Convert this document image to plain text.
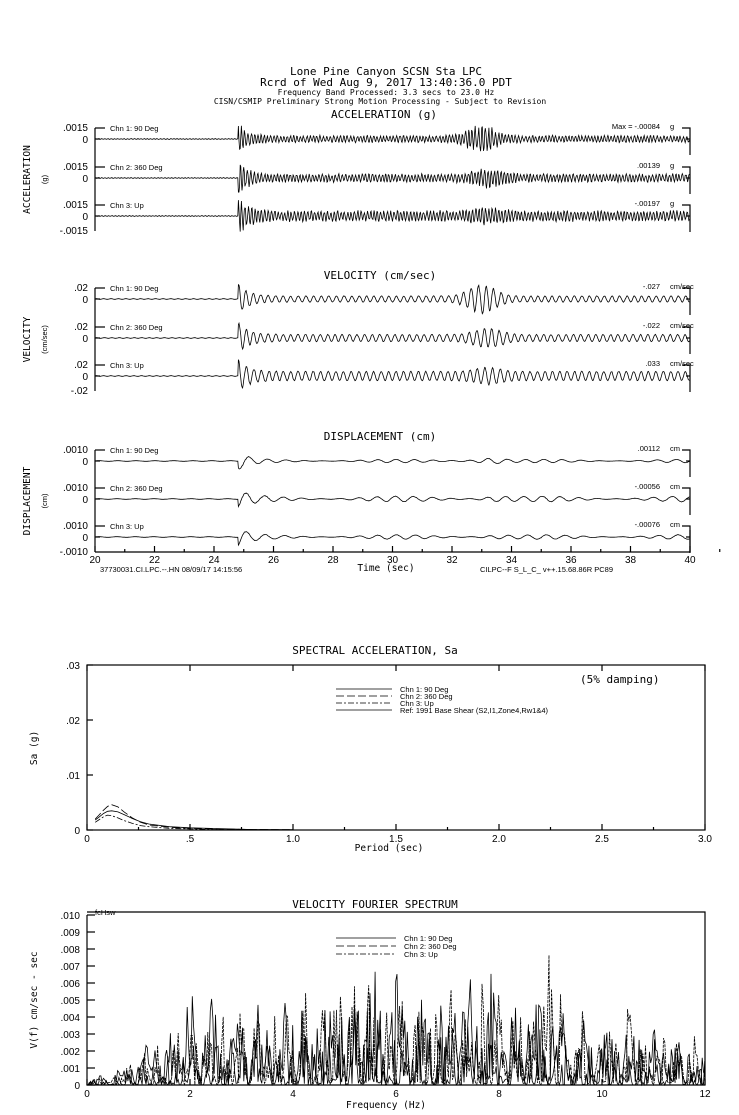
Lone Pine Canyon SCSN Sta LPC
Rcrd of Wed Aug 9, 2017 13:40:36.0 PDT
Frequency Band Processed: 3.3 secs to 23.0 Hz
CISN/CSMIP Preliminary Strong Motion Processing - Subject to Revision
ACCELERATION (g)
VELOCITY (cm/sec)
DISPLACEMENT (cm)
Time (sec)
37730031.CI.LPC.--.HN 08/09/17 14:15:56	CILPC--F S_L_C_ v++.15.68.86R PC89
SPECTRAL ACCELERATION, Sa
(5% damping)
Period (sec)
Sa (g)
VELOCITY FOURIER SPECTRUM
fcHsw
Frequency (Hz)
V(f) cm/sec - sec
ACCELERATION (g)
.0015
0
Chn 1: 90 Deg	Max = -.00084 g
.0015
0
Chn 2: 360 Deg	.00139 g
.0015
0
-.0015
Chn 3: Up	-.00197 g
VELOCITY (cm/sec)
.02
0
Chn 1: 90 Deg	-.027 cm/sec
.02
0
Chn 2: 360 Deg	-.022 cm/sec
.02
0
-.02
Chn 3: Up	.033 cm/sec
DISPLACEMENT (cm)
.0010
0
Chn 1: 90 Deg	.00112 cm
.0010
0
Chn 2: 360 Deg	-.00056 cm
.0010
0
-.0010
Chn 3: Up	-.00076 cm
20	22	24	26	28	30	32	34	36	38	40
0	.5	1.0	1.5	2.0	2.5	3.0
0
.01
.02
.03
Chn 1: 90 Deg
Chn 2: 360 Deg
Chn 3: Up
Ref: 1991 Base Shear (S2,I1,Zone4,Rw1&4)
0	2	4	6	8	10	12
0
.001
.002
.003
.004
.005
.006
.007
.008
.009
.010
Chn 1: 90 Deg
Chn 2: 360 Deg
Chn 3: Up
